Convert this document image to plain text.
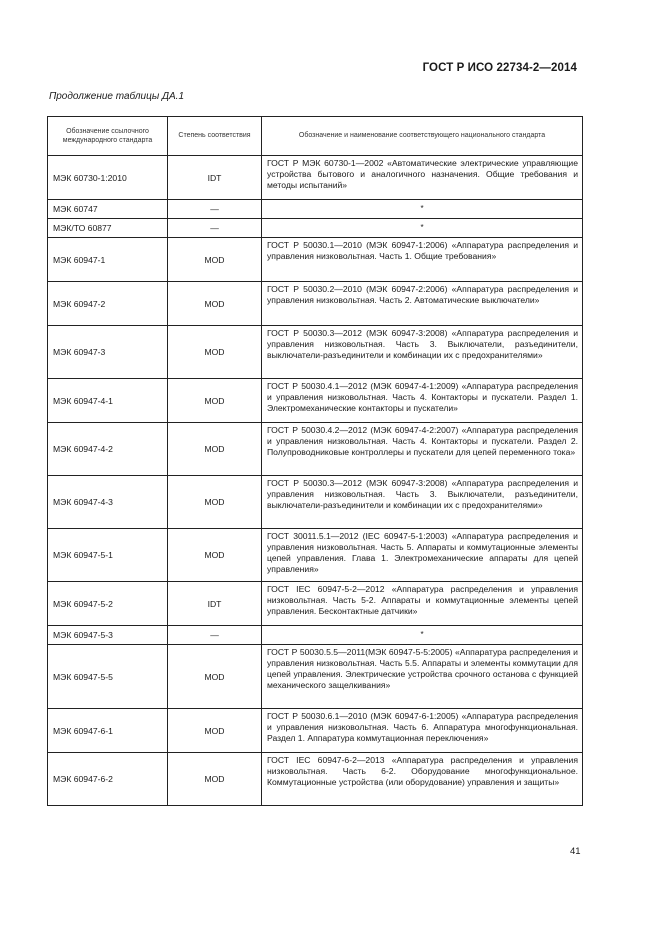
ГОСТ Р ИСО 22734-2—2014
Продолжение таблицы ДА.1
Обозначение ссылочного международного стандарта	Степень соответствия	Обозначение и наименование соответствующего национального стандарта
МЭК 60730-1:2010	IDT	ГОСТ Р МЭК 60730-1—2002 «Автоматические электрические управляющие устройства бытового и аналогичного назначения. Общие требования и методы испытаний»
МЭК 60747	—	*
МЭК/ТО 60877	—	*
МЭК 60947-1	MOD	ГОСТ Р 50030.1—2010 (МЭК 60947-1:2006) «Аппаратура распределения и управления низковольтная. Часть 1. Общие требования»
МЭК 60947-2	MOD	ГОСТ Р 50030.2—2010 (МЭК 60947-2:2006) «Аппаратура распределения и управления низковольтная. Часть 2. Автоматические выключатели»
МЭК 60947-3	MOD	ГОСТ Р 50030.3—2012 (МЭК 60947-3:2008) «Аппаратура распределения и управления низковольтная. Часть 3. Выключатели, разъединители, выключатели-разъединители и комбинации их с предохранителями»
МЭК 60947-4-1	MOD	ГОСТ Р 50030.4.1—2012 (МЭК 60947-4-1:2009) «Аппаратура распределения и управления низковольтная. Часть 4. Контакторы и пускатели. Раздел 1. Электромеханические контакторы и пускатели»
МЭК 60947-4-2	MOD	ГОСТ Р 50030.4.2—2012 (МЭК 60947-4-2:2007) «Аппаратура распределения и управления низковольтная. Часть 4. Контакторы и пускатели. Раздел 2. Полупроводниковые контроллеры и пускатели для цепей переменного тока»
МЭК 60947-4-3	MOD	ГОСТ Р 50030.3—2012 (МЭК 60947-3:2008) «Аппаратура распределения и управления низковольтная. Часть 3. Выключатели, разъединители, выключатели-разъединители и комбинации их с предохранителями»
МЭК 60947-5-1	MOD	ГОСТ 30011.5.1—2012 (IEC 60947-5-1:2003) «Аппаратура распределения и управления низковольтная. Часть 5. Аппараты и коммутационные элементы цепей управления. Глава 1. Электромеханические аппараты для цепей управления»
МЭК 60947-5-2	IDT	ГОСТ IEC 60947-5-2—2012 «Аппаратура распределения и управления низковольтная. Часть 5-2. Аппараты и коммутационные элементы цепей управления. Бесконтактные датчики»
МЭК 60947-5-3	—	*
МЭК 60947-5-5	MOD	ГОСТ Р 50030.5.5—2011(МЭК 60947-5-5:2005) «Аппаратура распределения и управления низковольтная. Часть 5.5. Аппараты и элементы коммутации для цепей управления. Электрические устройства срочного останова с функцией механического защелкивания»
МЭК 60947-6-1	MOD	ГОСТ Р 50030.6.1—2010 (МЭК 60947-6-1:2005) «Аппаратура распределения и управления низковольтная. Часть 6. Аппаратура многофункциональная. Раздел 1. Аппаратура коммутационная переключения»
МЭК 60947-6-2	MOD	ГОСТ IEC 60947-6-2—2013 «Аппаратура распределения и управления низковольтная. Часть 6-2. Оборудование многофункциональное. Коммутационные устройства (или оборудование) управления и защиты»
41
